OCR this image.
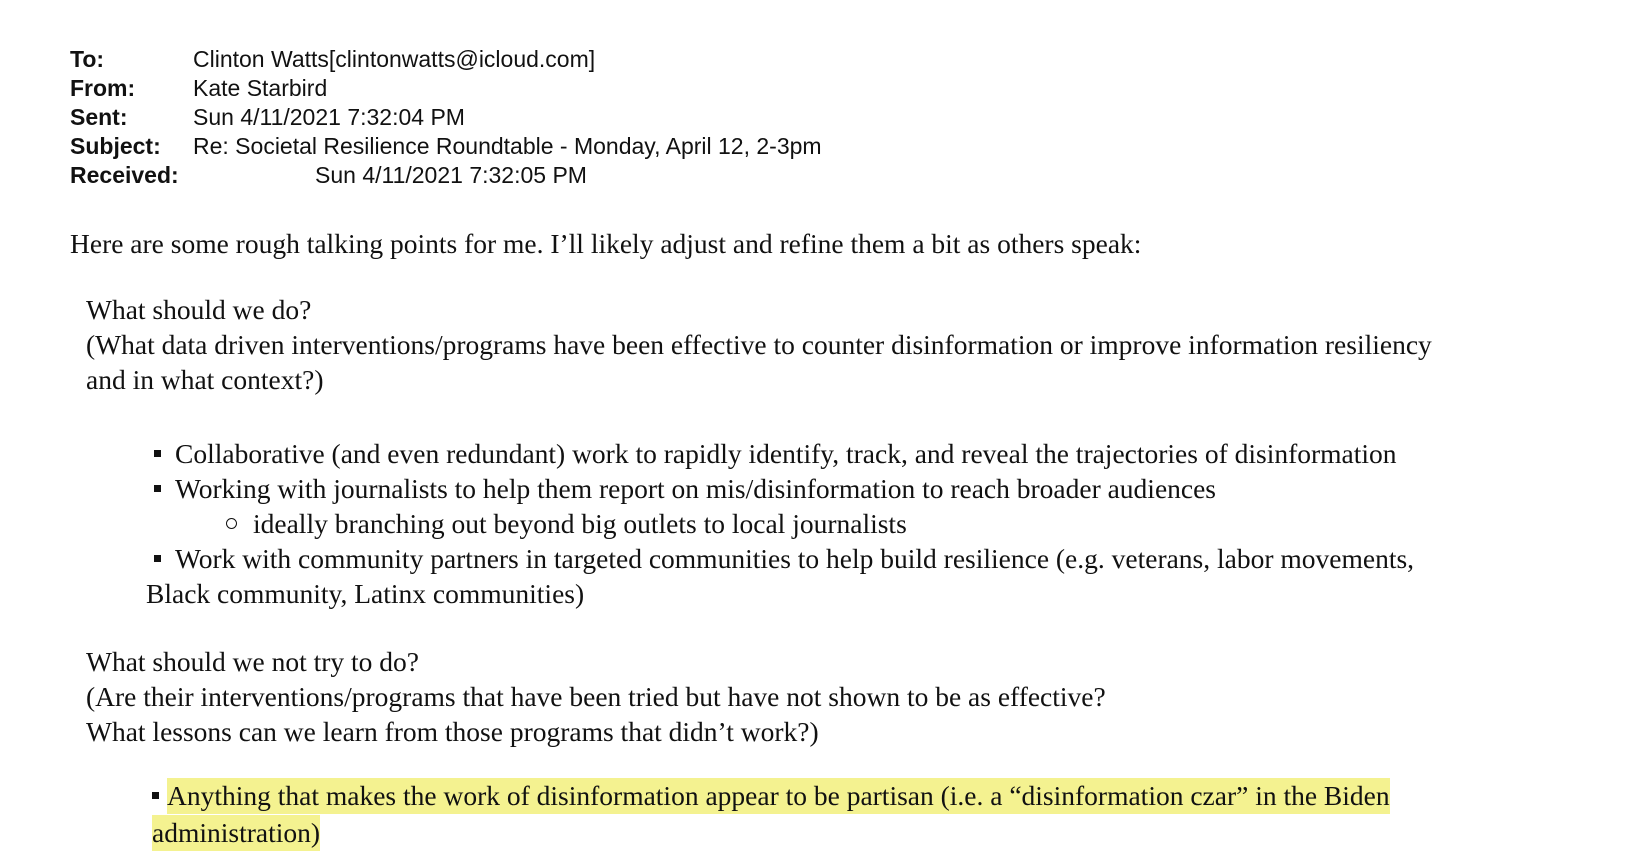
To:	Clinton Watts[clintonwatts@icloud.com]
From:	Kate Starbird
Sent:	Sun 4/11/2021 7:32:04 PM
Subject: Re: Societal Resilience Roundtable - Monday, April 12, 2-3pm
Received:	Sun 4/11/2021 7:32:05 PM
Here are some rough talking points for me. I’ll likely adjust and refine them a bit as others speak:
What should we do?
(What data driven interventions/programs have been effective to counter disinformation or improve information resiliency
and in what context?)
Collaborative (and even redundant) work to rapidly identify, track, and reveal the trajectories of disinformation
Working with journalists to help them report on mis/disinformation to reach broader audiences
ideally branching out beyond big outlets to local journalists
Work with community partners in targeted communities to help build resilience (e.g. veterans, labor movements,
Black community, Latinx communities)
What should we not try to do?
(Are their interventions/programs that have been tried but have not shown to be as effective?
What lessons can we learn from those programs that didn’t work?)
Anything that makes the work of disinformation appear to be partisan (i.e. a “disinformation czar” in the Biden
administration)
